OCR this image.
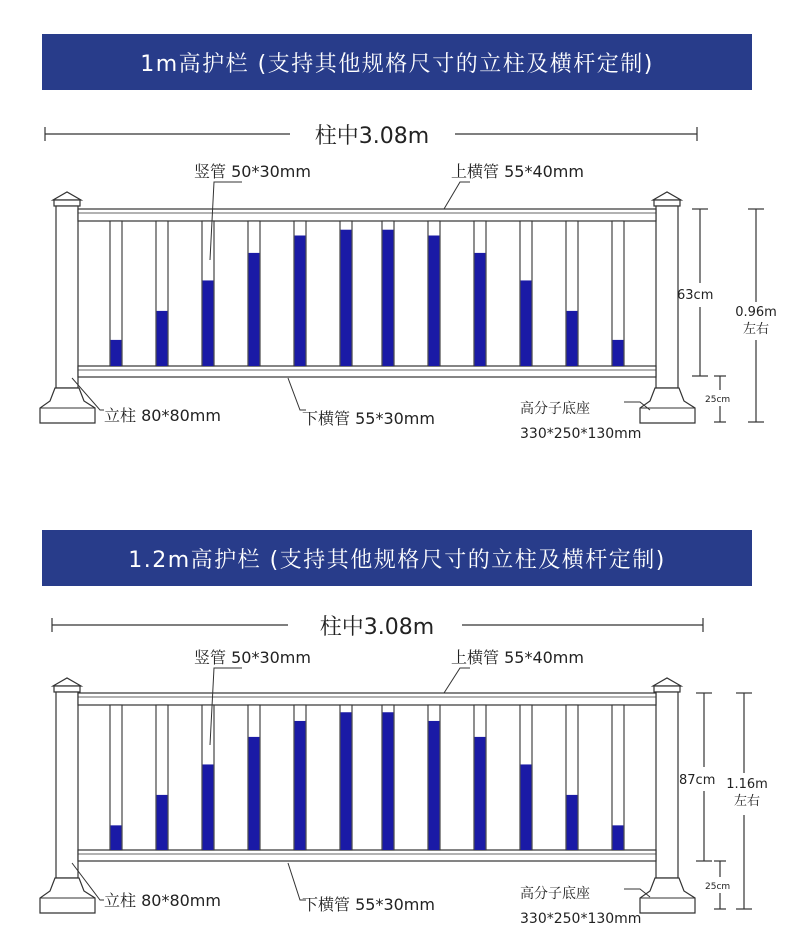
1m高护栏 (支持其他规格尺寸的立柱及横杆定制)
柱中3.08m
竖管 50*30mm	上横管 55*40mm
立柱 80*80mm	下横管 55*30mm	高分子底座
330*250*130mm
63cm
25cm
0.96m
左右
1.2m高护栏 (支持其他规格尺寸的立柱及横杆定制)
柱中3.08m
竖管 50*30mm	上横管 55*40mm
立柱 80*80mm	下横管 55*30mm
高分子底座
330*250*130mm
87cm
25cm
1.16m
左右
